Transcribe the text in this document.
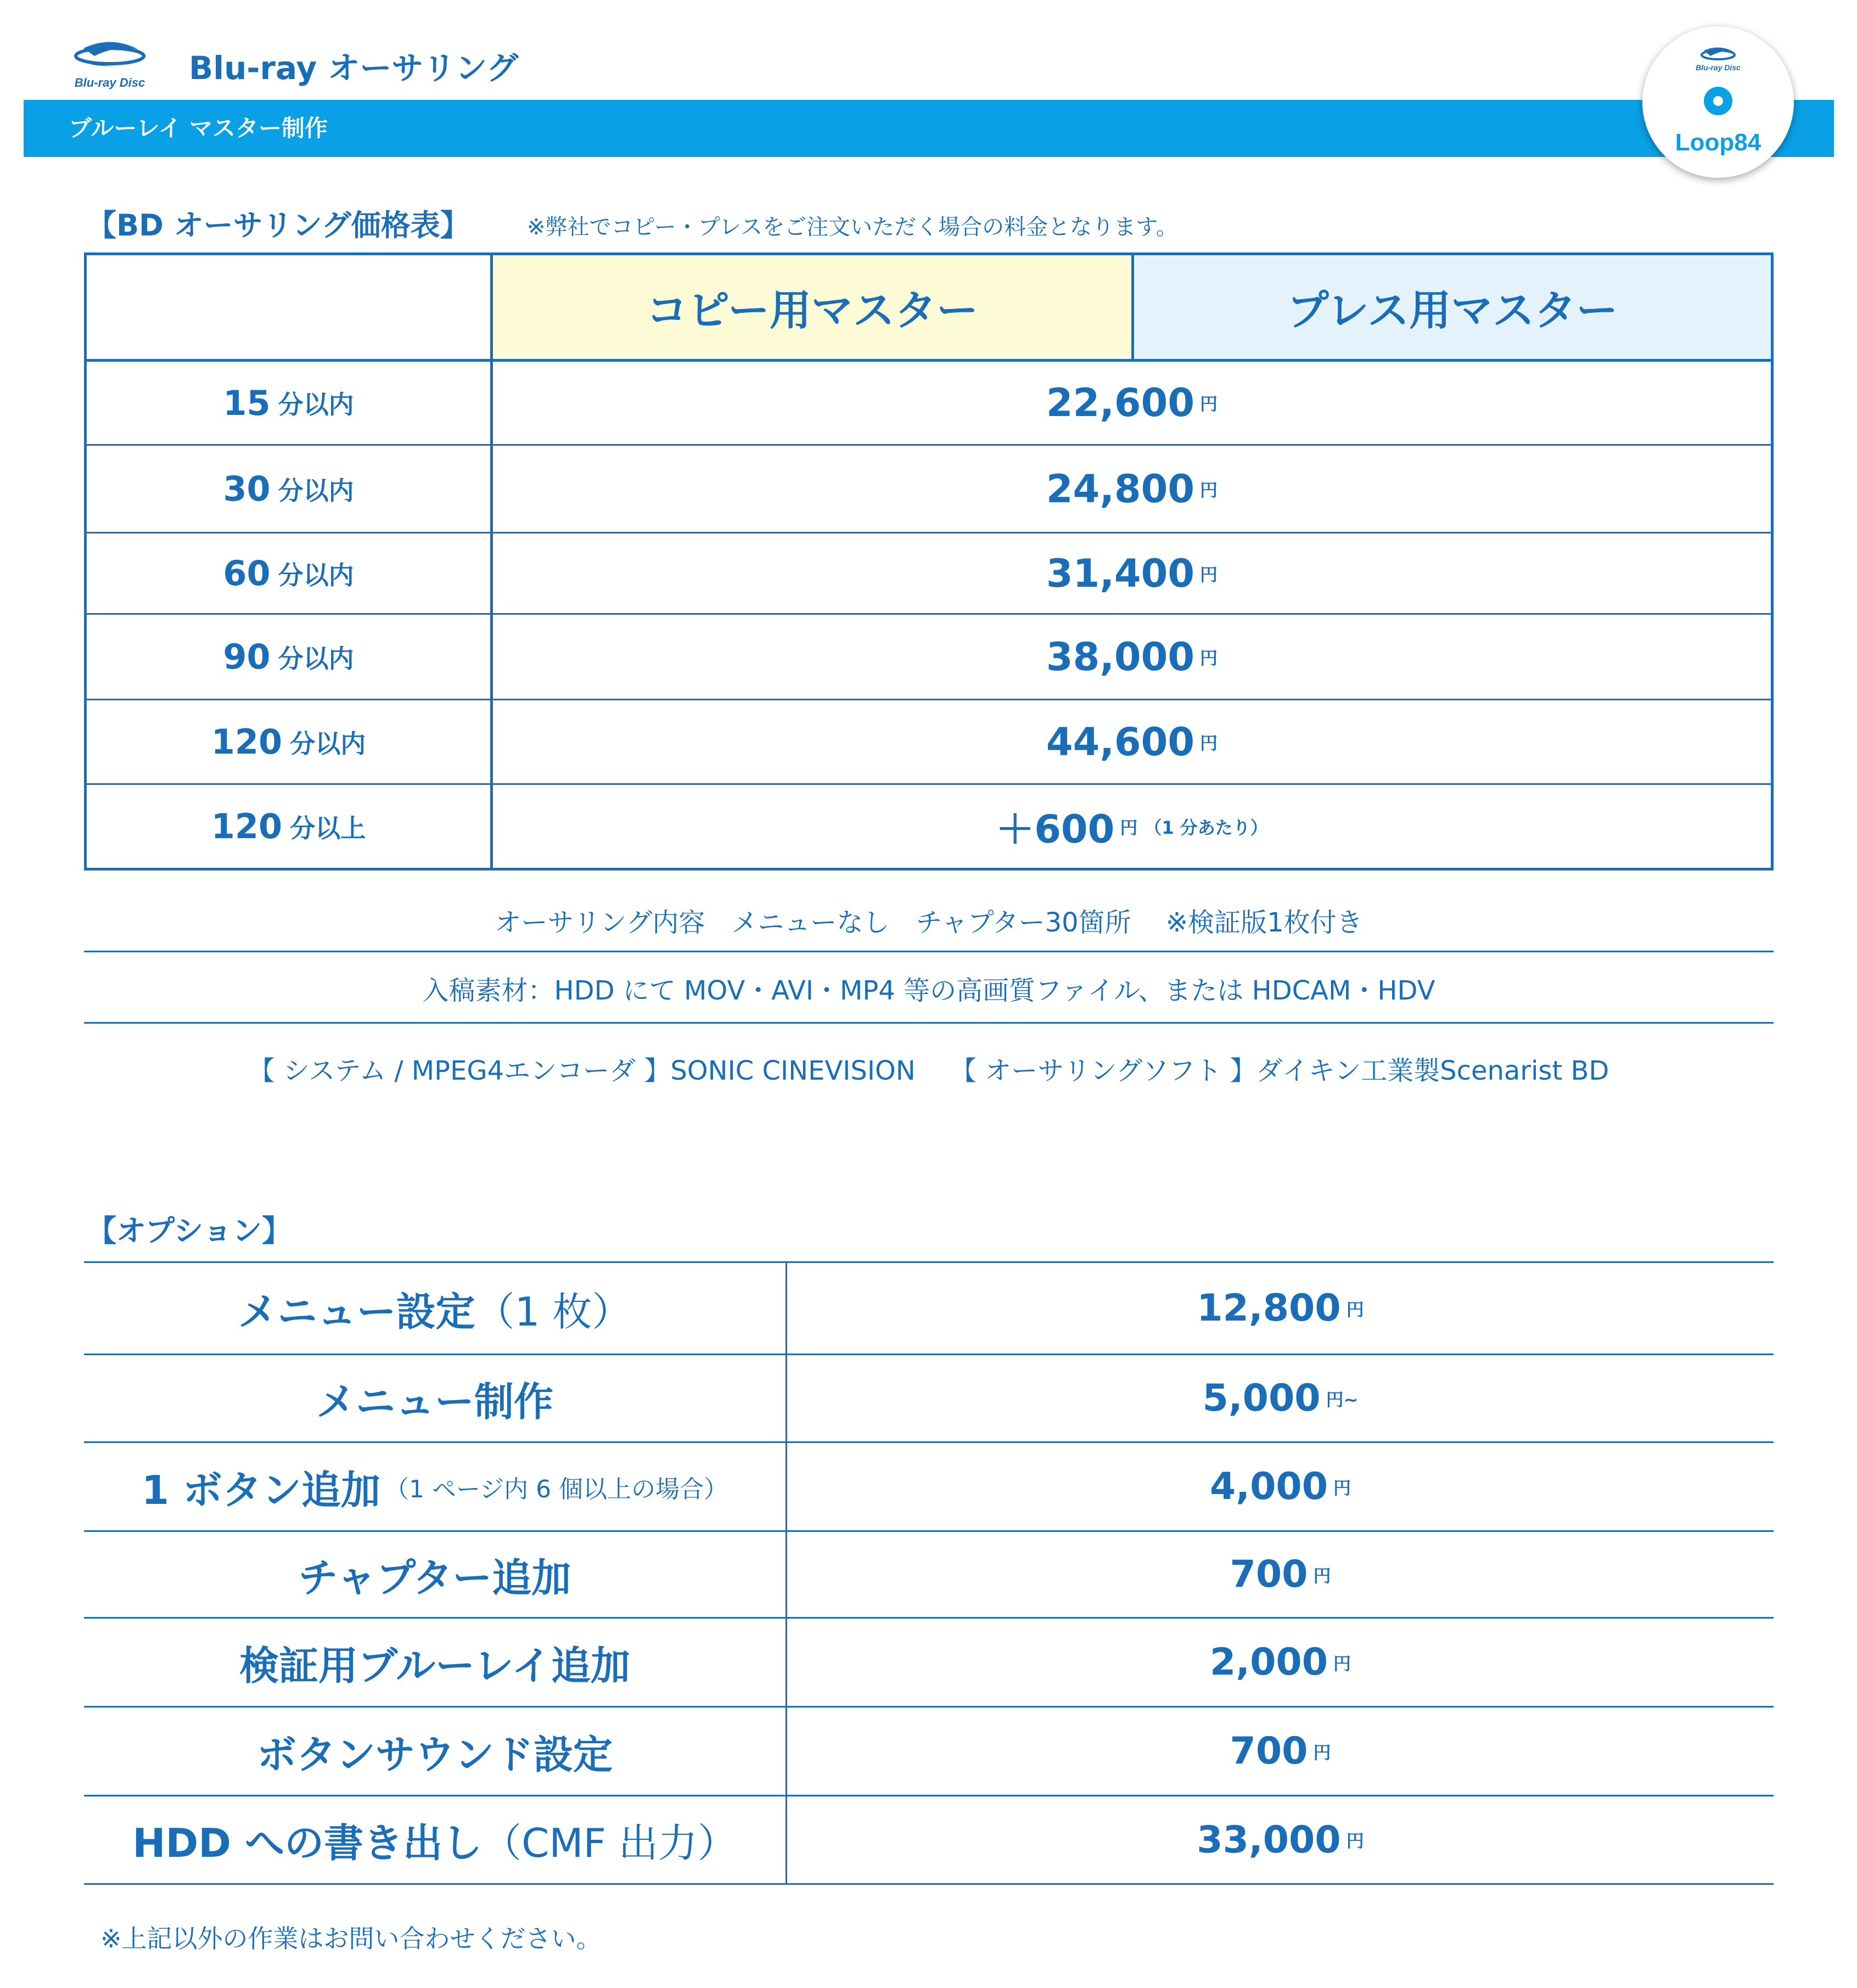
Blu-ray Disc Blu-ray オーサリング
ブルーレイ マスター制作
Blu-ray Disc
Loop84
【BD オーサリング価格表】	※弊社でコピー・プレスをご注文いただく場合の料金となります。
コピー用マスター	プレス用マスター
15 分以内	22,600 円
30 分以内	24,800 円
60 分以内	31,400 円
90 分以内	38,000 円
120 分以内	44,600 円
120 分以上	＋600 円 （1 分あたり）
オーサリング内容　メニューなし　チャプター30箇所　 ※検証版1枚付き
入稿素材：HDD にて MOV・AVI・MP4 等の高画質ファイル、または HDCAM・HDV
【 システム / MPEG4エンコーダ 】SONIC CINEVISION　 【 オーサリングソフト 】ダイキン工業製Scenarist BD
【オプション】
メニュー設定 （1 枚）	12,800 円
メニュー制作	5,000 円~
1 ボタン追加 （1 ページ内 6 個以上の場合）	4,000 円
チャプター追加	700 円
検証用ブルーレイ追加	2,000 円
ボタンサウンド設定	700 円
HDD への書き出し （CMF 出力）	33,000 円
※上記以外の作業はお問い合わせください。
